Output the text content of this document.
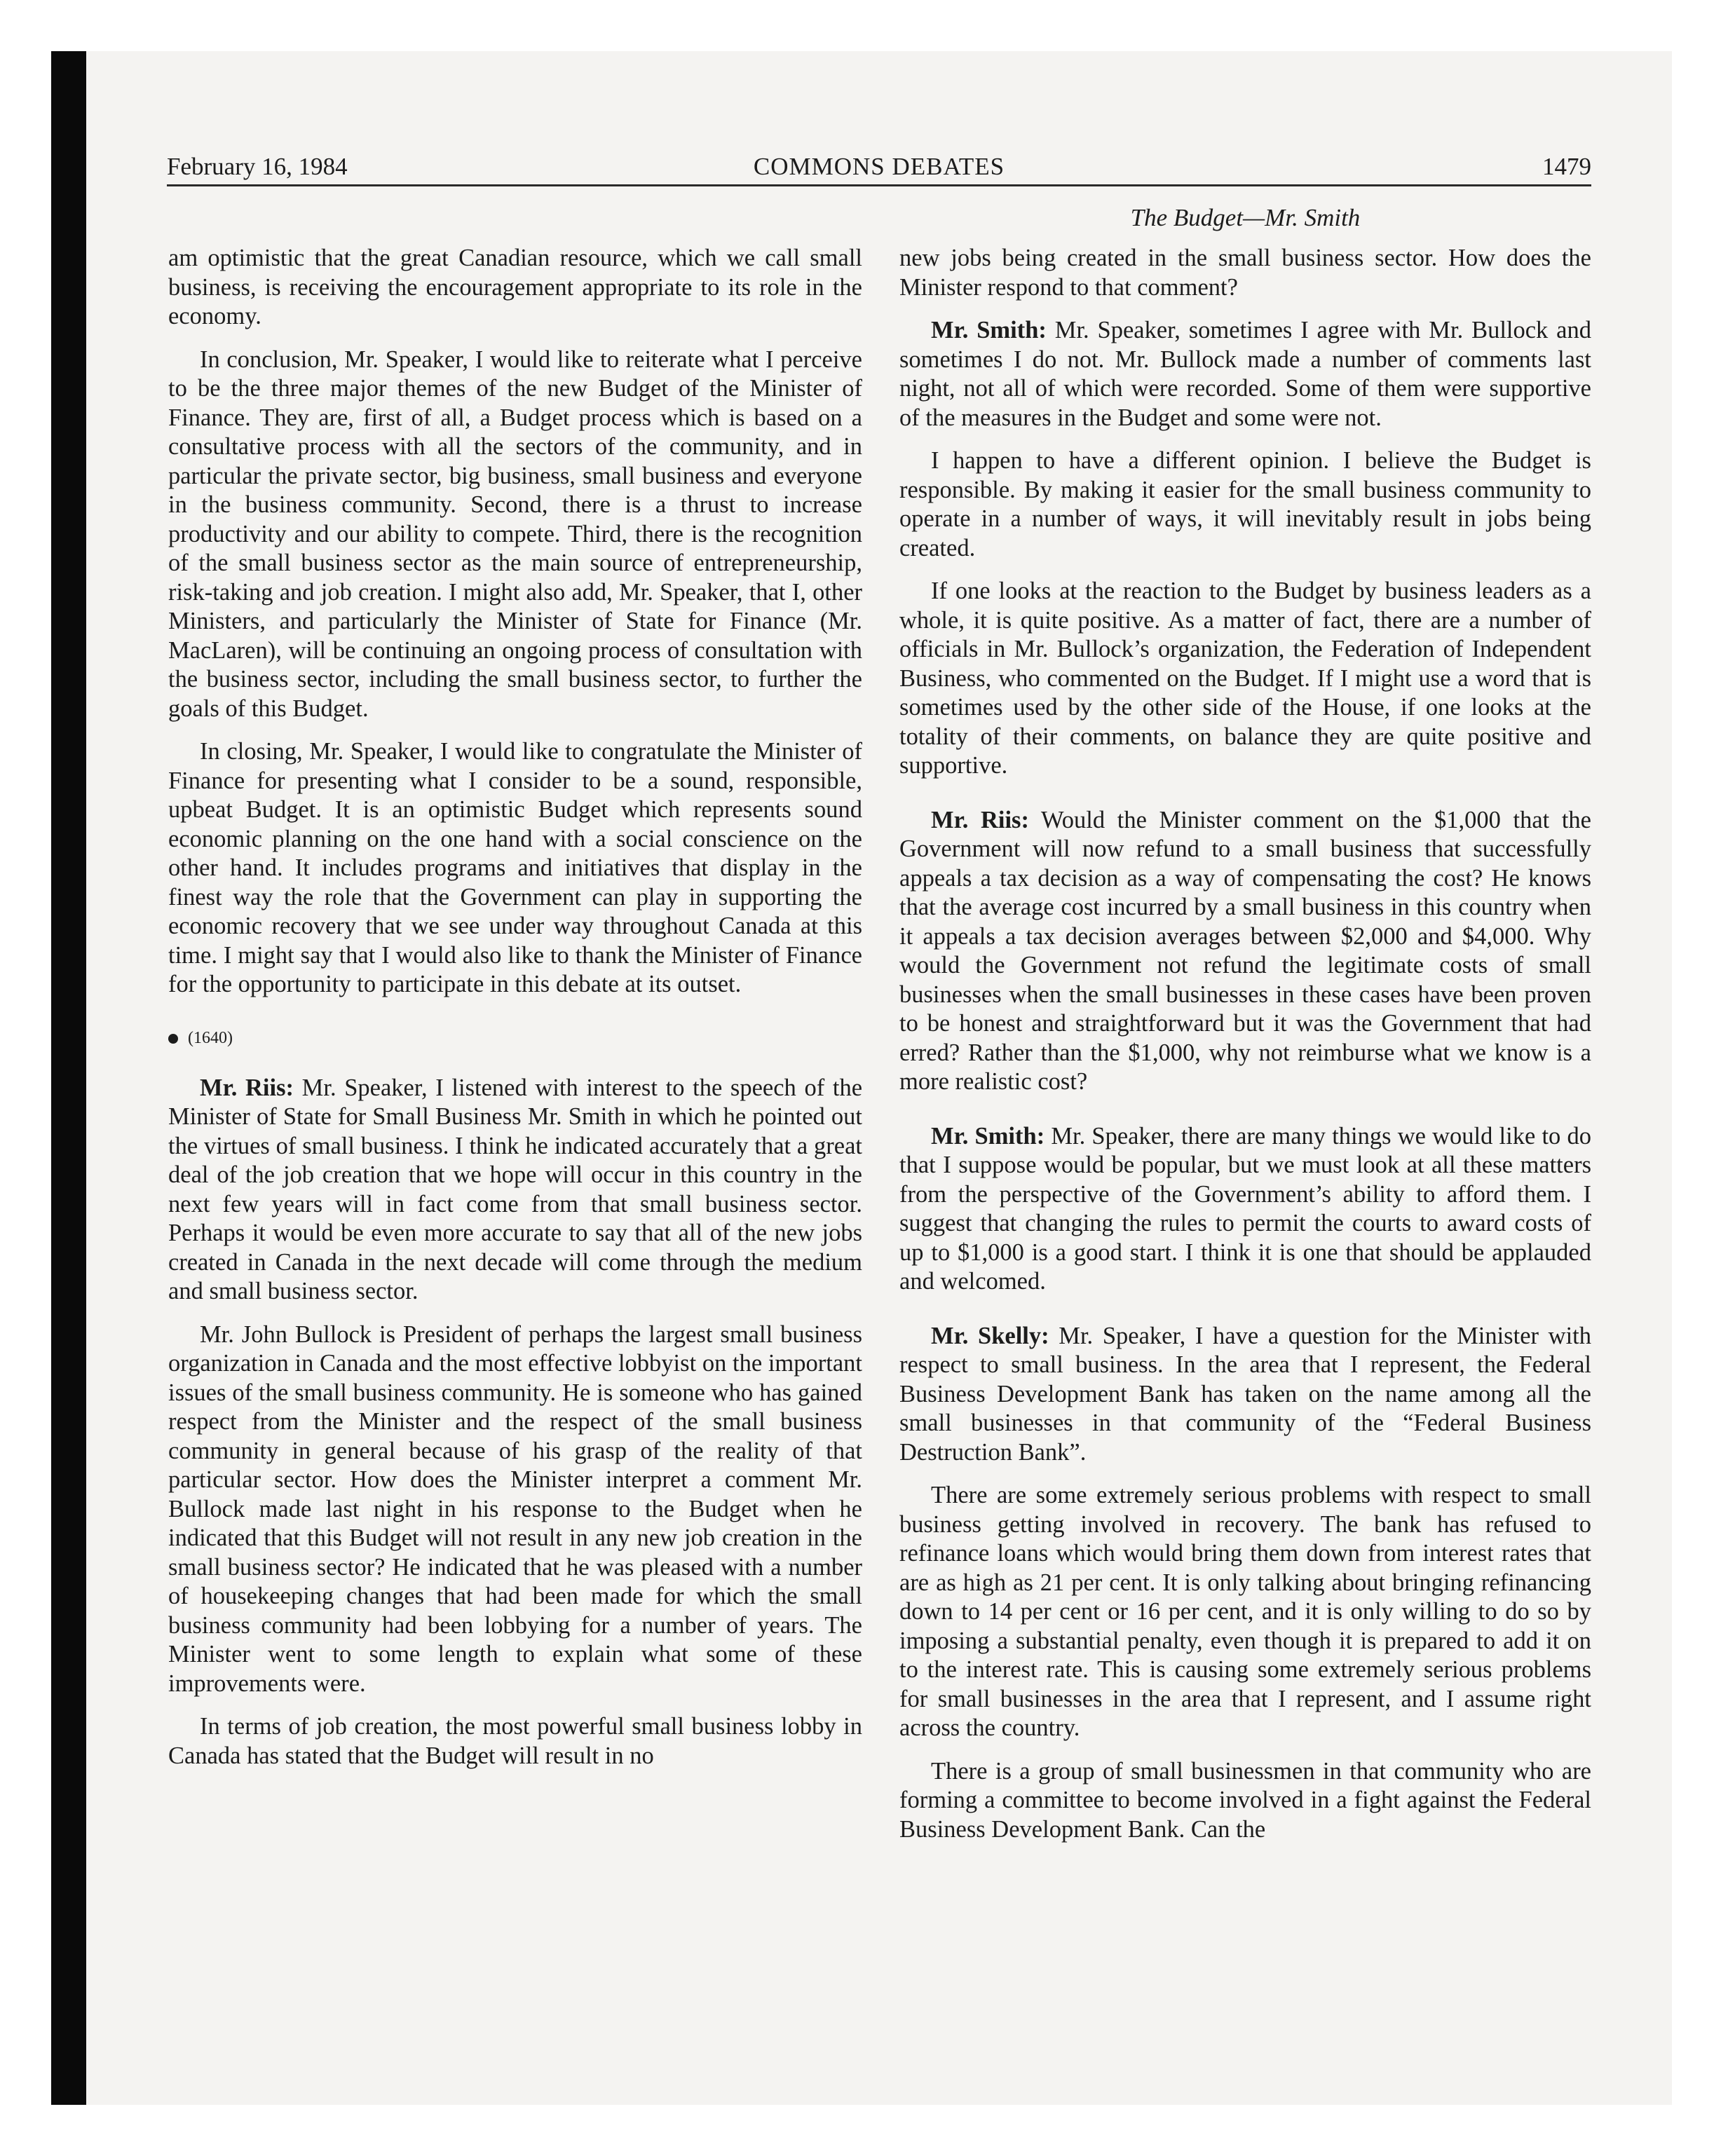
February 16, 1984	COMMONS DEBATES	1479
The Budget—Mr. Smith

am optimistic that the great Canadian resource, which we call small business, is receiving the encouragement appropriate to its role in the economy.

In conclusion, Mr. Speaker, I would like to reiterate what I perceive to be the three major themes of the new Budget of the Minister of Finance. They are, first of all, a Budget process which is based on a consultative process with all the sectors of the community, and in particular the private sector, big business, small business and everyone in the business community. Second, there is a thrust to increase productivity and our ability to compete. Third, there is the recognition of the small business sector as the main source of entrepreneurship, risk-taking and job creation. I might also add, Mr. Speaker, that I, other Ministers, and particularly the Minister of State for Finance (Mr. MacLaren), will be continuing an ongoing process of consultation with the business sector, including the small business sector, to further the goals of this Budget.

In closing, Mr. Speaker, I would like to congratulate the Minister of Finance for presenting what I consider to be a sound, responsible, upbeat Budget. It is an optimistic Budget which represents sound economic planning on the one hand with a social conscience on the other hand. It includes programs and initiatives that display in the finest way the role that the Government can play in supporting the economic recovery that we see under way throughout Canada at this time. I might say that I would also like to thank the Minister of Finance for the opportunity to participate in this debate at its outset.

(1640)

Mr. Riis: Mr. Speaker, I listened with interest to the speech of the Minister of State for Small Business Mr. Smith in which he pointed out the virtues of small business. I think he indicated accurately that a great deal of the job creation that we hope will occur in this country in the next few years will in fact come from that small business sector. Perhaps it would be even more accurate to say that all of the new jobs created in Canada in the next decade will come through the medium and small business sector.

Mr. John Bullock is President of perhaps the largest small business organization in Canada and the most effective lobbyist on the important issues of the small business community. He is someone who has gained respect from the Minister and the respect of the small business community in general because of his grasp of the reality of that particular sector. How does the Minister interpret a comment Mr. Bullock made last night in his response to the Budget when he indicated that this Budget will not result in any new job creation in the small business sector? He indicated that he was pleased with a number of housekeeping changes that had been made for which the small business community had been lobbying for a number of years. The Minister went to some length to explain what some of these improvements were.

In terms of job creation, the most powerful small business lobby in Canada has stated that the Budget will result in no

new jobs being created in the small business sector. How does the Minister respond to that comment?

Mr. Smith: Mr. Speaker, sometimes I agree with Mr. Bullock and sometimes I do not. Mr. Bullock made a number of comments last night, not all of which were recorded. Some of them were supportive of the measures in the Budget and some were not.

I happen to have a different opinion. I believe the Budget is responsible. By making it easier for the small business community to operate in a number of ways, it will inevitably result in jobs being created.

If one looks at the reaction to the Budget by business leaders as a whole, it is quite positive. As a matter of fact, there are a number of officials in Mr. Bullock’s organization, the Federation of Independent Business, who commented on the Budget. If I might use a word that is sometimes used by the other side of the House, if one looks at the totality of their comments, on balance they are quite positive and supportive.

Mr. Riis: Would the Minister comment on the $1,000 that the Government will now refund to a small business that successfully appeals a tax decision as a way of compensating the cost? He knows that the average cost incurred by a small business in this country when it appeals a tax decision averages between $2,000 and $4,000. Why would the Government not refund the legitimate costs of small businesses when the small businesses in these cases have been proven to be honest and straightforward but it was the Government that had erred? Rather than the $1,000, why not reimburse what we know is a more realistic cost?

Mr. Smith: Mr. Speaker, there are many things we would like to do that I suppose would be popular, but we must look at all these matters from the perspective of the Government’s ability to afford them. I suggest that changing the rules to permit the courts to award costs of up to $1,000 is a good start. I think it is one that should be applauded and welcomed.

Mr. Skelly: Mr. Speaker, I have a question for the Minister with respect to small business. In the area that I represent, the Federal Business Development Bank has taken on the name among all the small businesses in that community of the “Federal Business Destruction Bank”.

There are some extremely serious problems with respect to small business getting involved in recovery. The bank has refused to refinance loans which would bring them down from interest rates that are as high as 21 per cent. It is only talking about bringing refinancing down to 14 per cent or 16 per cent, and it is only willing to do so by imposing a substantial penalty, even though it is prepared to add it on to the interest rate. This is causing some extremely serious problems for small businesses in the area that I represent, and I assume right across the country.

There is a group of small businessmen in that community who are forming a committee to become involved in a fight against the Federal Business Development Bank. Can the
